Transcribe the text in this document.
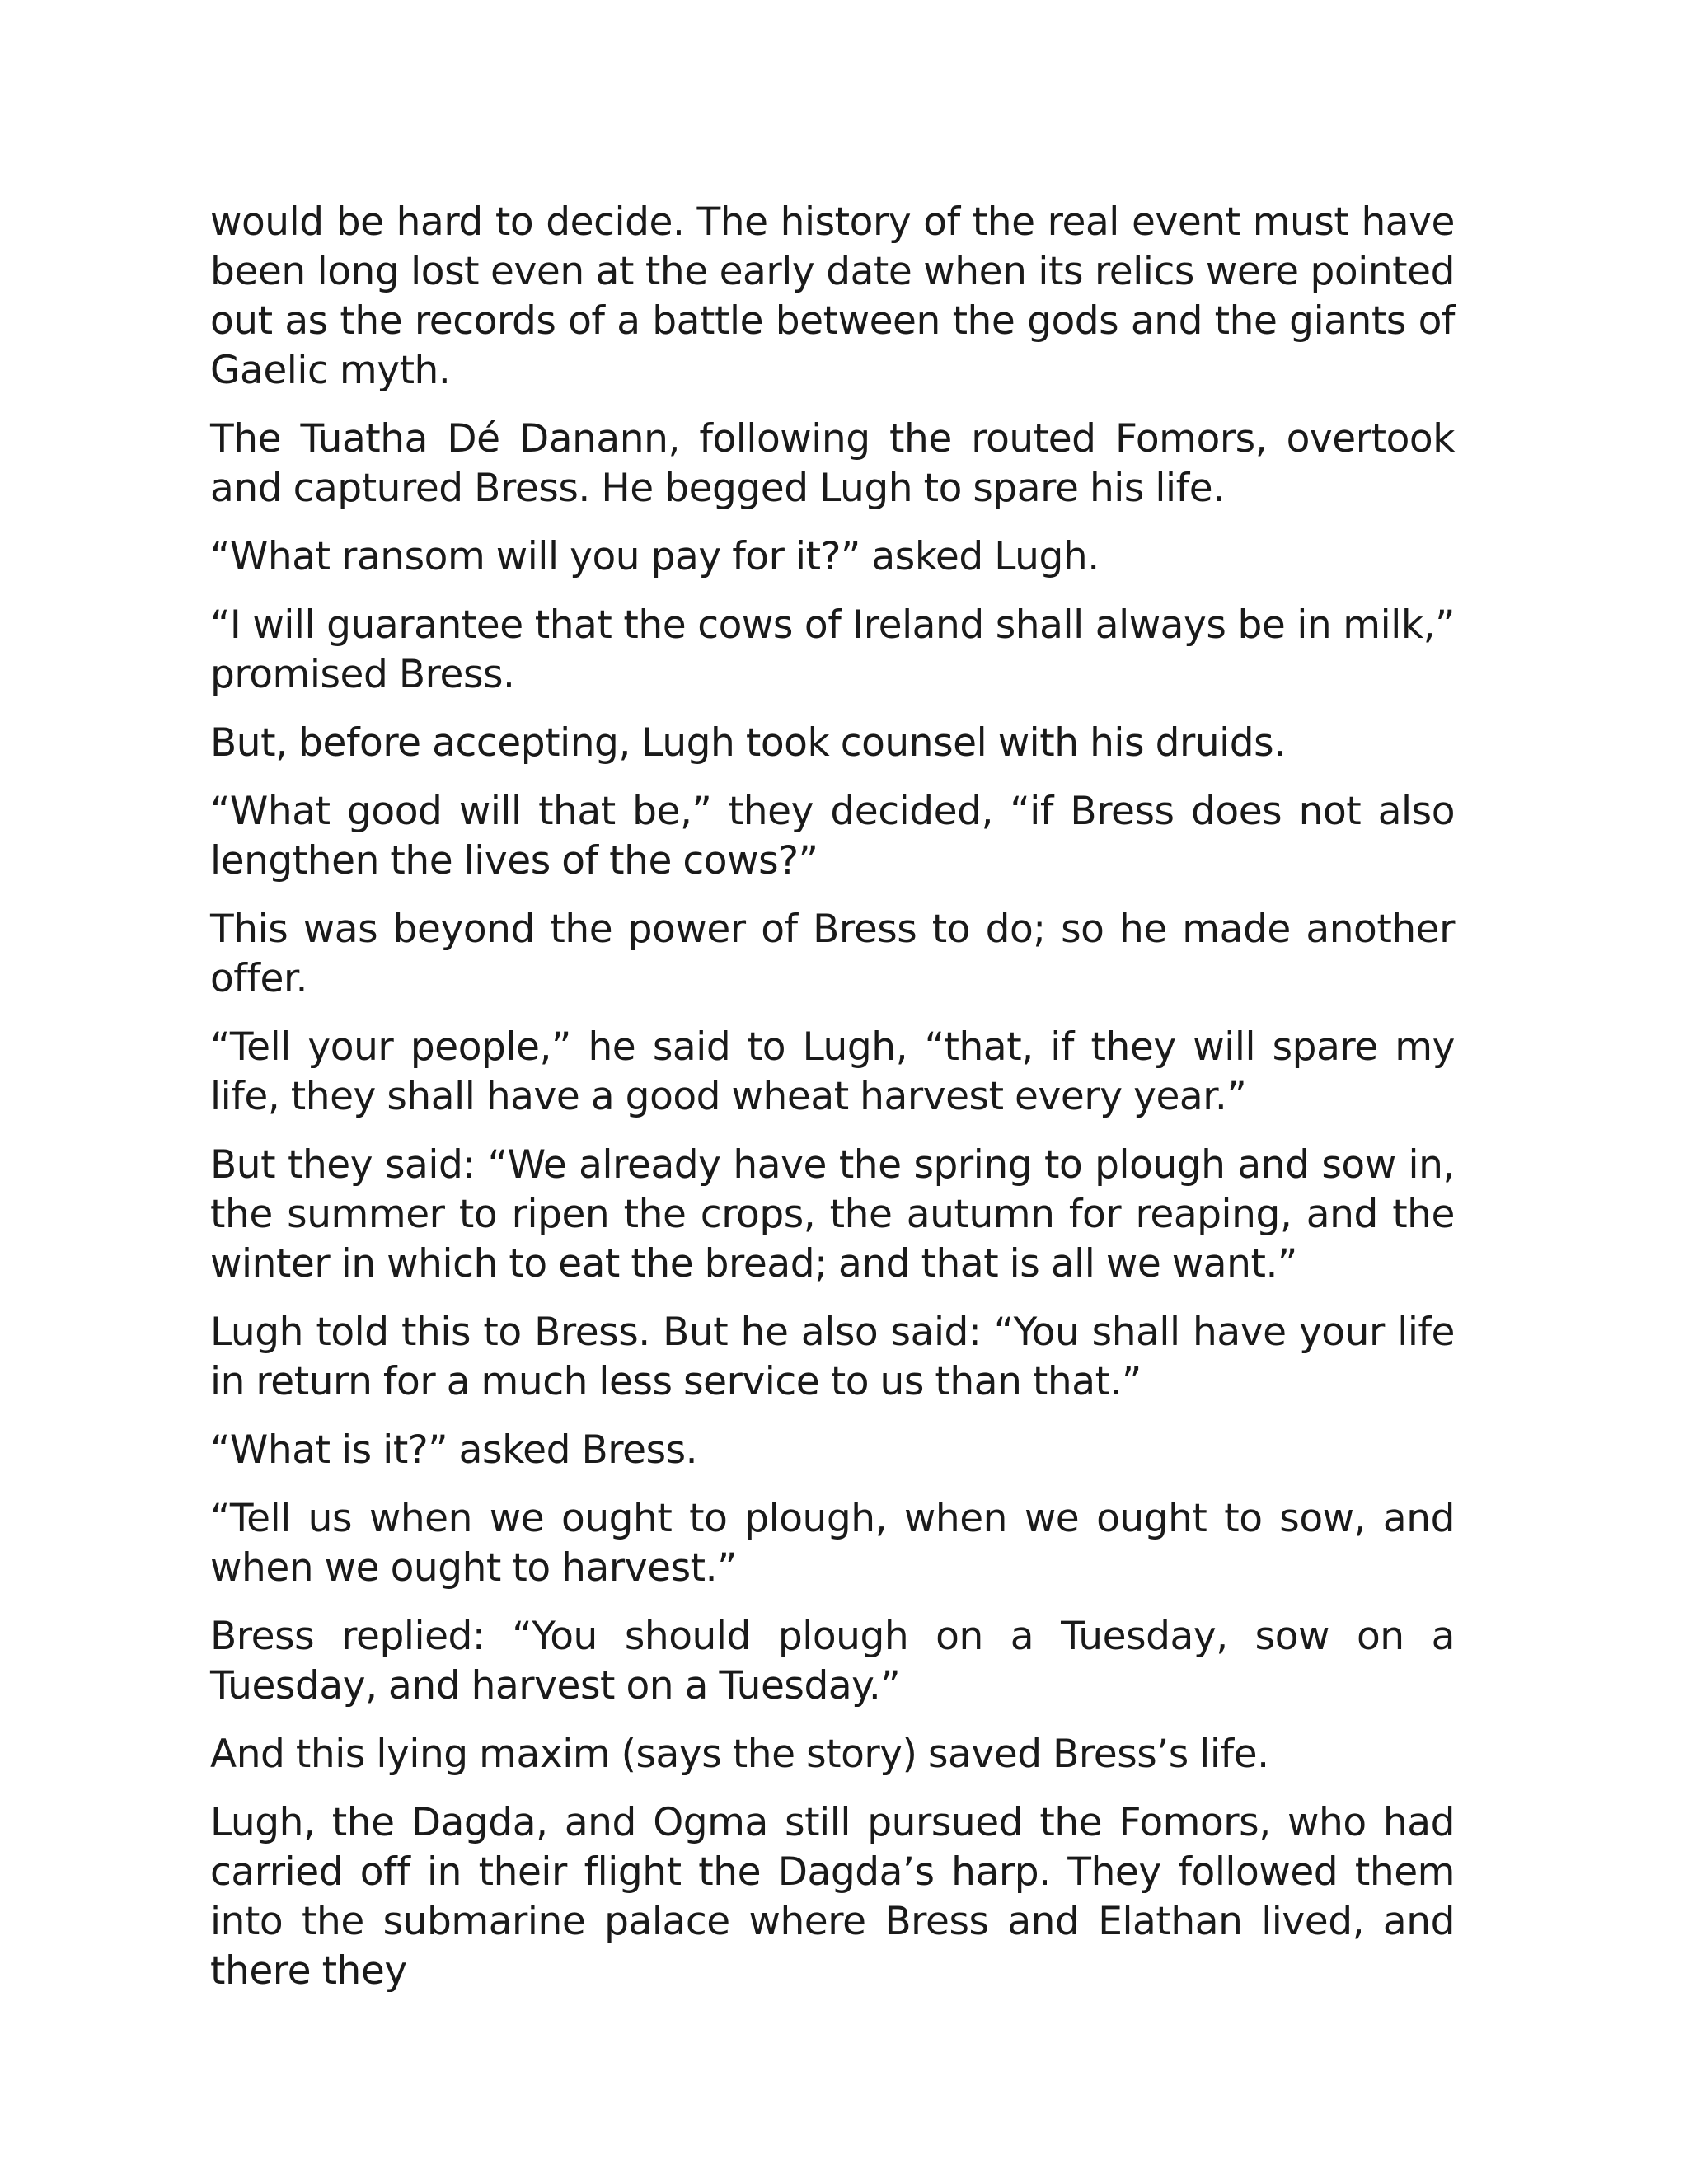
would be hard to decide. The history of the real event must have been long lost even at the early date when its relics were pointed out as the records of a battle between the gods and the giants of Gaelic myth.

The Tuatha Dé Danann, following the routed Fomors, overtook and captured Bress. He begged Lugh to spare his life.

“What ransom will you pay for it?” asked Lugh.

“I will guarantee that the cows of Ireland shall always be in milk,” promised Bress.

But, before accepting, Lugh took counsel with his druids.

“What good will that be,” they decided, “if Bress does not also lengthen the lives of the cows?”

This was beyond the power of Bress to do; so he made another offer.

“Tell your people,” he said to Lugh, “that, if they will spare my life, they shall have a good wheat harvest every year.”

But they said: “We already have the spring to plough and sow in, the summer to ripen the crops, the autumn for reaping, and the winter in which to eat the bread; and that is all we want.”

Lugh told this to Bress. But he also said: “You shall have your life in return for a much less service to us than that.”

“What is it?” asked Bress.

“Tell us when we ought to plough, when we ought to sow, and when we ought to harvest.”

Bress replied: “You should plough on a Tuesday, sow on a Tuesday, and harvest on a Tuesday.”

And this lying maxim (says the story) saved Bress’s life.

Lugh, the Dagda, and Ogma still pursued the Fomors, who had carried off in their flight the Dagda’s harp. They followed them into the submarine palace where Bress and Elathan lived, and there they
